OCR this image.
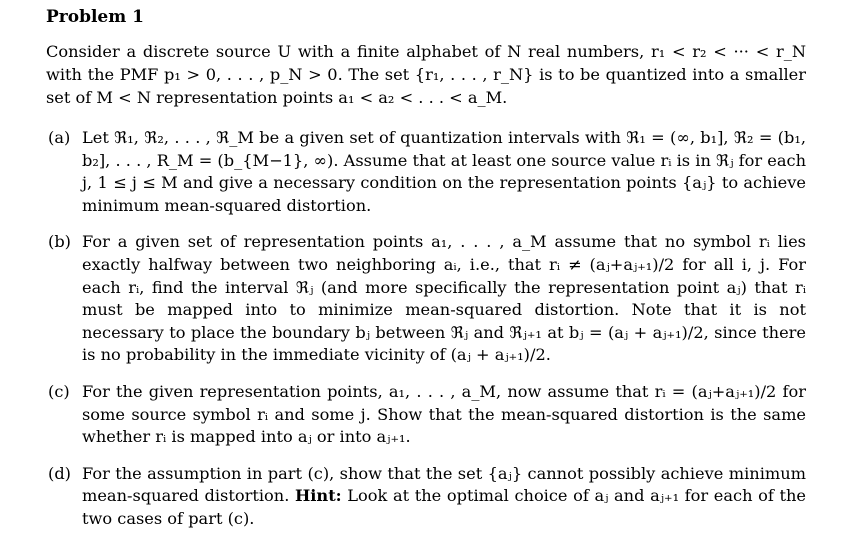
Problem 1

Consider a discrete source U with a finite alphabet of N real numbers, r₁ < r₂ < ··· < r_N with the PMF p₁ > 0, . . . , p_N > 0. The set {r₁, . . . , r_N} is to be quantized into a smaller set of M < N representation points a₁ < a₂ < . . . < a_M.

(a) Let ℜ₁, ℜ₂, . . . , ℜ_M be a given set of quantization intervals with ℜ₁ = (∞, b₁], ℜ₂ = (b₁, b₂], . . . , R_M = (b_{M−1}, ∞). Assume that at least one source value rᵢ is in ℜⱼ for each j, 1 ≤ j ≤ M and give a necessary condition on the representation points {aⱼ} to achieve minimum mean-squared distortion.
(b) For a given set of representation points a₁, . . . , a_M assume that no symbol rᵢ lies exactly halfway between two neighboring aᵢ, i.e., that rᵢ ≠ (aⱼ+aⱼ₊₁)/2 for all i, j. For each rᵢ, find the interval ℜⱼ (and more specifically the representation point aⱼ) that rᵢ must be mapped into to minimize mean-squared distortion. Note that it is not necessary to place the boundary bⱼ between ℜⱼ and ℜⱼ₊₁ at bⱼ = (aⱼ + aⱼ₊₁)/2, since there is no probability in the immediate vicinity of (aⱼ + aⱼ₊₁)/2.
(c) For the given representation points, a₁, . . . , a_M, now assume that rᵢ = (aⱼ+aⱼ₊₁)/2 for some source symbol rᵢ and some j. Show that the mean-squared distortion is the same whether rᵢ is mapped into aⱼ or into aⱼ₊₁.
(d) For the assumption in part (c), show that the set {aⱼ} cannot possibly achieve minimum mean-squared distortion. Hint: Look at the optimal choice of aⱼ and aⱼ₊₁ for each of the two cases of part (c).
